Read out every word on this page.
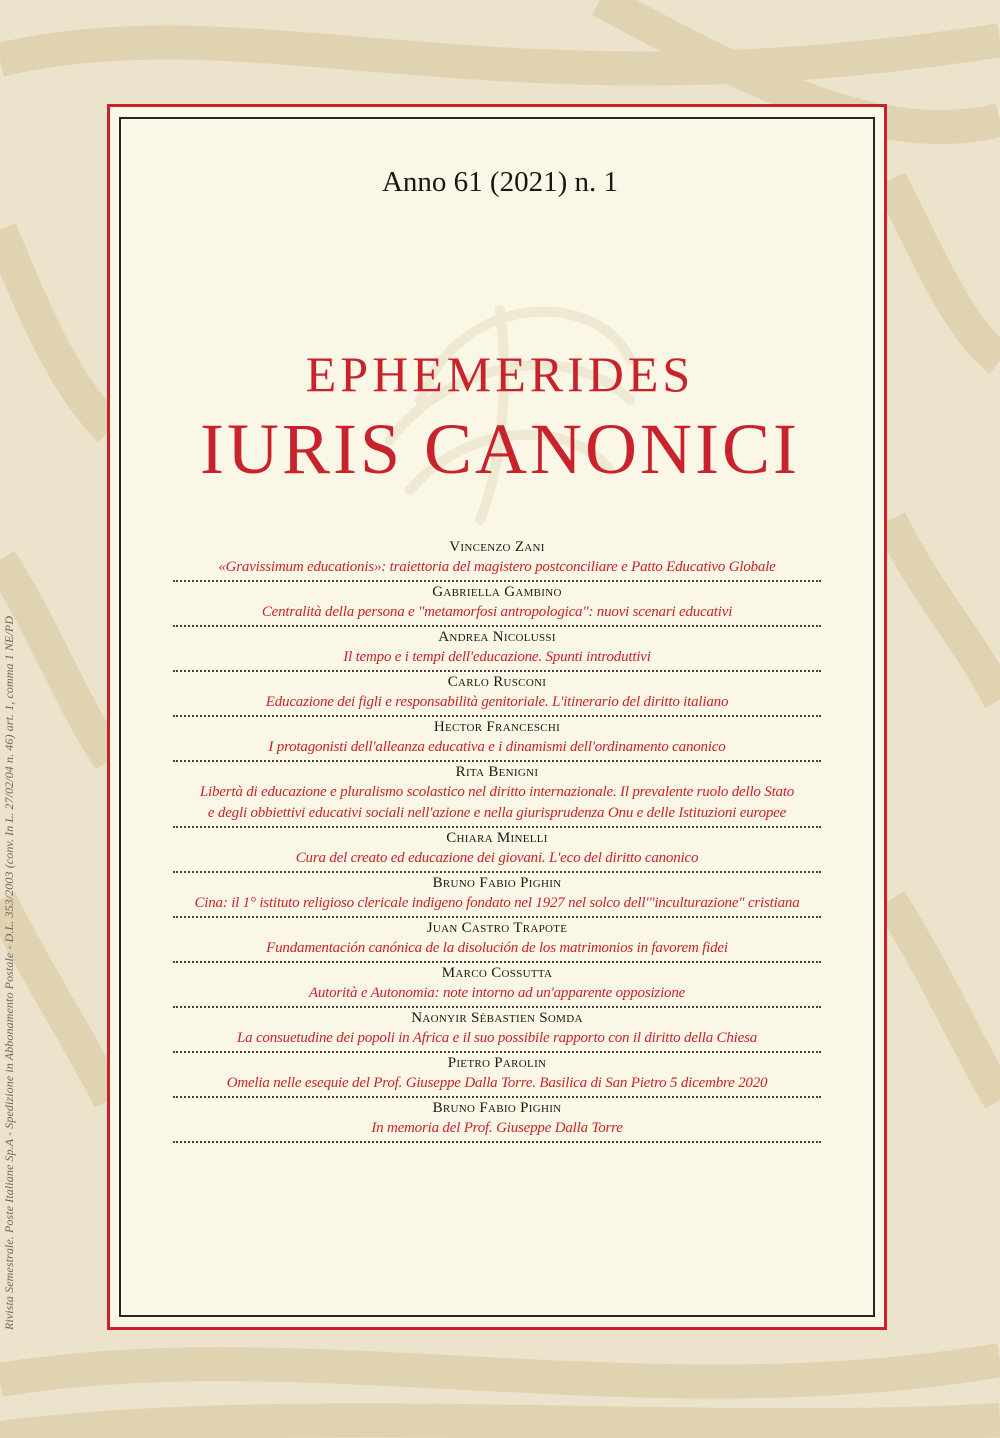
Rivista Semestrale. Poste Italiane Sp.A - Spedizione in Abbonamento Postale - D.L. 353/2003 (conv. In L. 27/02/04 n. 46) art. 1, comma 1 NE/PD
Anno 61 (2021) n. 1
EPHEMERIDES
IURIS CANONICI
Vincenzo Zani
«Gravissimum educationis»: traiettoria del magistero postconciliare e Patto Educativo Globale
Gabriella Gambino
Centralità della persona e "metamorfosi antropologica": nuovi scenari educativi
Andrea Nicolussi
Il tempo e i tempi dell'educazione. Spunti introduttivi
Carlo Rusconi
Educazione dei figli e responsabilità genitoriale. L'itinerario del diritto italiano
Hector Franceschi
I protagonisti dell'alleanza educativa e i dinamismi dell'ordinamento canonico
Rita Benigni
Libertà di educazione e pluralismo scolastico nel diritto internazionale. Il prevalente ruolo dello Stato
e degli obbiettivi educativi sociali nell'azione e nella giurisprudenza Onu e delle Istituzioni europee
Chiara Minelli
Cura del creato ed educazione dei giovani. L'eco del diritto canonico
Bruno Fabio Pighin
Cina: il 1° istituto religioso clericale indigeno fondato nel 1927 nel solco dell'"inculturazione" cristiana
Juan Castro Trapote
Fundamentación canónica de la disolución de los matrimonios in favorem fidei
Marco Cossutta
Autorità e Autonomia: note intorno ad un'apparente opposizione
Naonyir Sébastien Somda
La consuetudine dei popoli in Africa e il suo possibile rapporto con il diritto della Chiesa
Pietro Parolin
Omelia nelle esequie del Prof. Giuseppe Dalla Torre. Basilica di San Pietro 5 dicembre 2020
Bruno Fabio Pighin
In memoria del Prof. Giuseppe Dalla Torre
